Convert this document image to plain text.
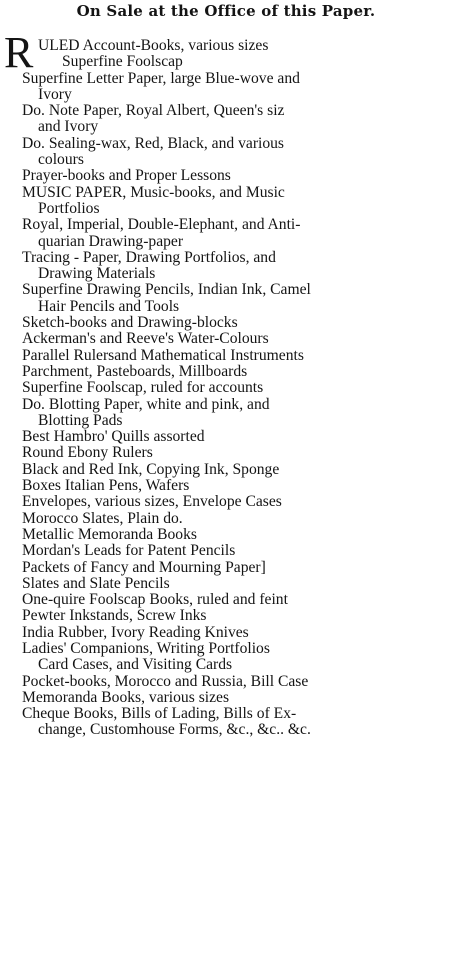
On Sale at the Office of this Paper.
R ULED Account-Books, various sizes
Superfine Foolscap
Superfine Letter Paper, large Blue-wove and
Ivory
Do. Note Paper, Royal Albert, Queen's siz
and Ivory
Do. Sealing-wax, Red, Black, and various
colours
Prayer-books and Proper Lessons
MUSIC PAPER, Music-books, and Music
Portfolios
Royal, Imperial, Double-Elephant, and Anti-
quarian Drawing-paper
Tracing - Paper, Drawing Portfolios, and
Drawing Materials
Superfine Drawing Pencils, Indian Ink, Camel
Hair Pencils and Tools
Sketch-books and Drawing-blocks
Ackerman's and Reeve's Water-Colours
Parallel Rulersand Mathematical Instruments
Parchment, Pasteboards, Millboards
Superfine Foolscap, ruled for accounts
Do. Blotting Paper, white and pink, and
Blotting Pads
Best Hambro' Quills assorted
Round Ebony Rulers
Black and Red Ink, Copying Ink, Sponge
Boxes Italian Pens, Wafers
Envelopes, various sizes, Envelope Cases
Morocco Slates, Plain do.
Metallic Memoranda Books
Mordan's Leads for Patent Pencils
Packets of Fancy and Mourning Paper]
Slates and Slate Pencils
One-quire Foolscap Books, ruled and feint
Pewter Inkstands, Screw Inks
India Rubber, Ivory Reading Knives
Ladies' Companions, Writing Portfolios
Card Cases, and Visiting Cards
Pocket-books, Morocco and Russia, Bill Case
Memoranda Books, various sizes
Cheque Books, Bills of Lading, Bills of Ex-
change, Customhouse Forms, &c., &c.. &c.
